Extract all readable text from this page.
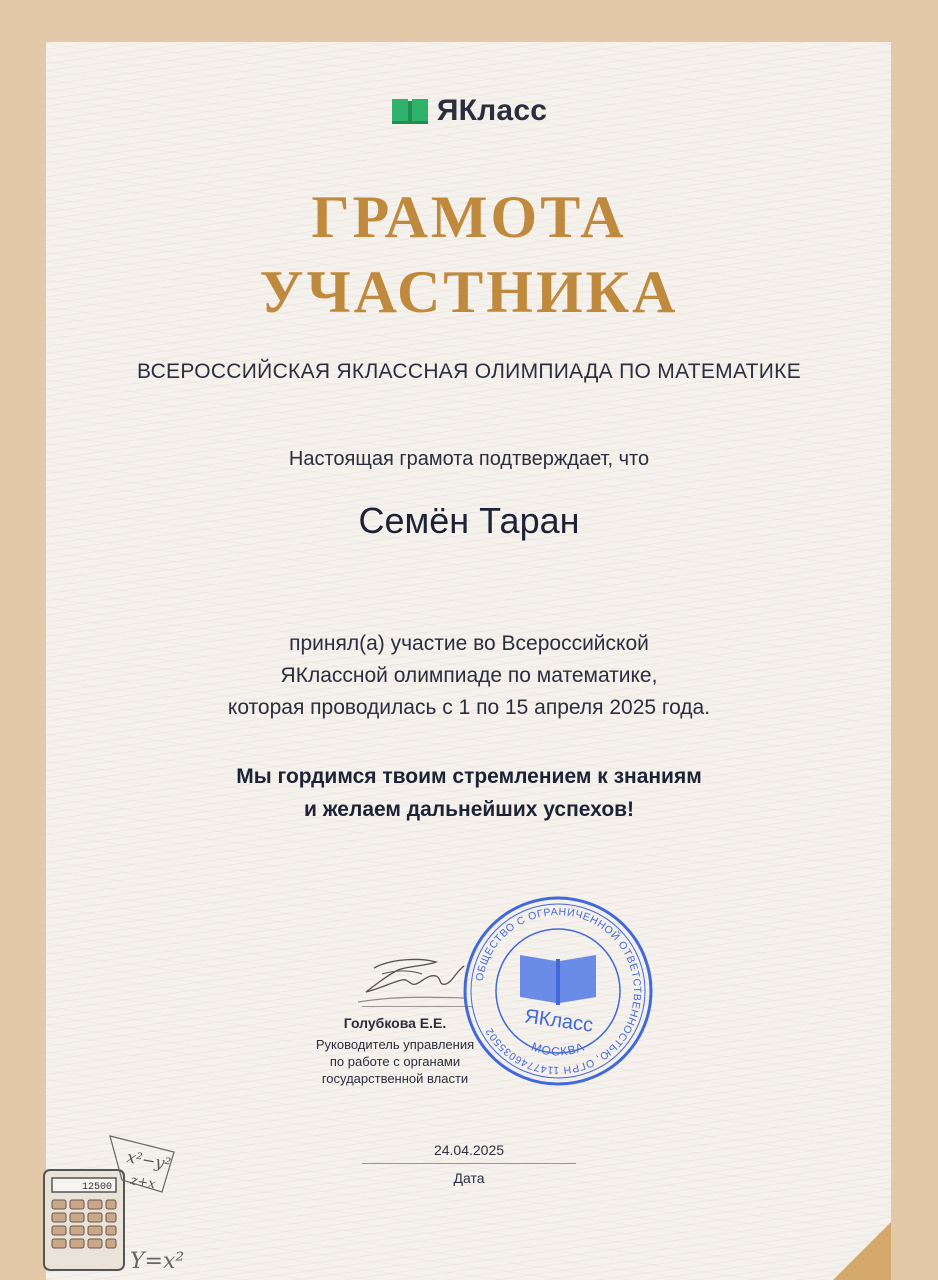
ЯКласс
ГРАМОТА
УЧАСТНИКА
ВСЕРОССИЙСКАЯ ЯКЛАССНАЯ ОЛИМПИАДА ПО МАТЕМАТИКЕ
Настоящая грамота подтверждает, что
Семён Таран
принял(а) участие во Всероссийской
ЯКлассной олимпиаде по математике,
которая проводилась с 1 по 15 апреля 2025 года.
Мы гордимся твоим стремлением к знаниям
и желаем дальнейших успехов!
Голубкова Е.Е.
Руководитель управления
по работе с органами
государственной власти
ОБЩЕСТВО С ОГРАНИЧЕННОЙ ОТВЕТСТВЕННОСТЬЮ, ОГРН 1147746035502
МОСКВА
ЯКласс
24.04.2025
Дата
12500
x²−y²
z+x
Y=x²
